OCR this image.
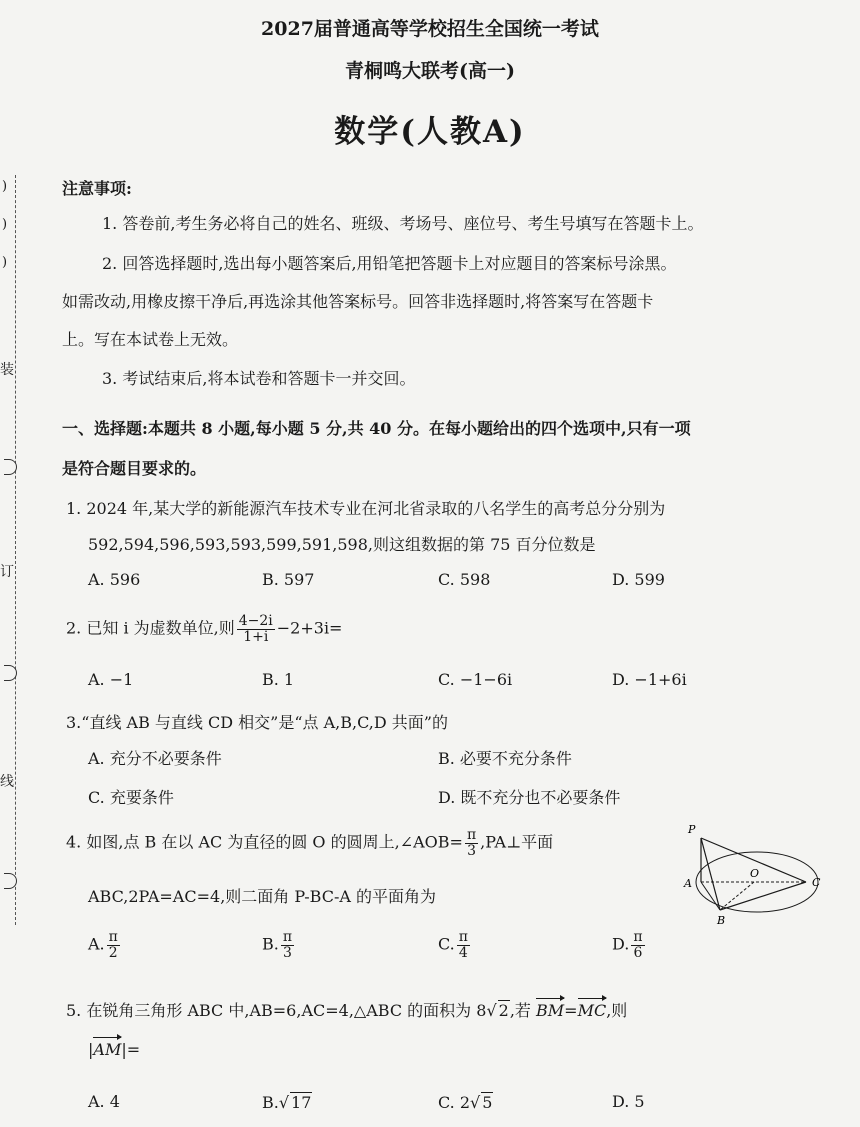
)
)
)
装
订
线
2027届普通高等学校招生全国统一考试
青桐鸣大联考(高一)
数学(人教A)
注意事项:
1. 答卷前,考生务必将自己的姓名、班级、考场号、座位号、考生号填写在答题卡上。
2. 回答选择题时,选出每小题答案后,用铅笔把答题卡上对应题目的答案标号涂黑。
如需改动,用橡皮擦干净后,再选涂其他答案标号。回答非选择题时,将答案写在答题卡
上。写在本试卷上无效。
3. 考试结束后,将本试卷和答题卡一并交回。
一、选择题:本题共 8 小题,每小题 5 分,共 40 分。在每小题给出的四个选项中,只有一项
是符合题目要求的。
1. 2024 年,某大学的新能源汽车技术专业在河北省录取的八名学生的高考总分分别为
592,594,596,593,593,599,591,598,则这组数据的第 75 百分位数是
A. 596	B. 597	C. 598	D. 599
2. 已知 i 为虚数单位,则 $\frac{4-2i}{1+i} -2+3i=$
A. −1	B. 1	C. −1−6i	D. −1+6i
3.“直线 AB 与直线 CD 相交”是“点 A,B,C,D 共面”的
A. 充分不必要条件	B. 必要不充分条件
C. 充要条件	D. 既不充分也不必要条件
4. 如图,点 B 在以 AC 为直径的圆 O 的圆周上,∠AOB= $\frac{\pi}{3}$ ,PA⊥平面
ABC,2PA=AC=4,则二面角 P-BC-A 的平面角为
A. $\frac{\pi}{2}$	B. $\frac{\pi}{3}$	C. $\frac{\pi}{4}$	D. $\frac{\pi}{6}$
P
A
O
C
B
5. 在锐角三角形 ABC 中,AB=6,AC=4,△ABC 的面积为 8√ 2,若 BM=MC,则
|AM|=
A. 4	B.√ 17	C. 2√ 5	D. 5
